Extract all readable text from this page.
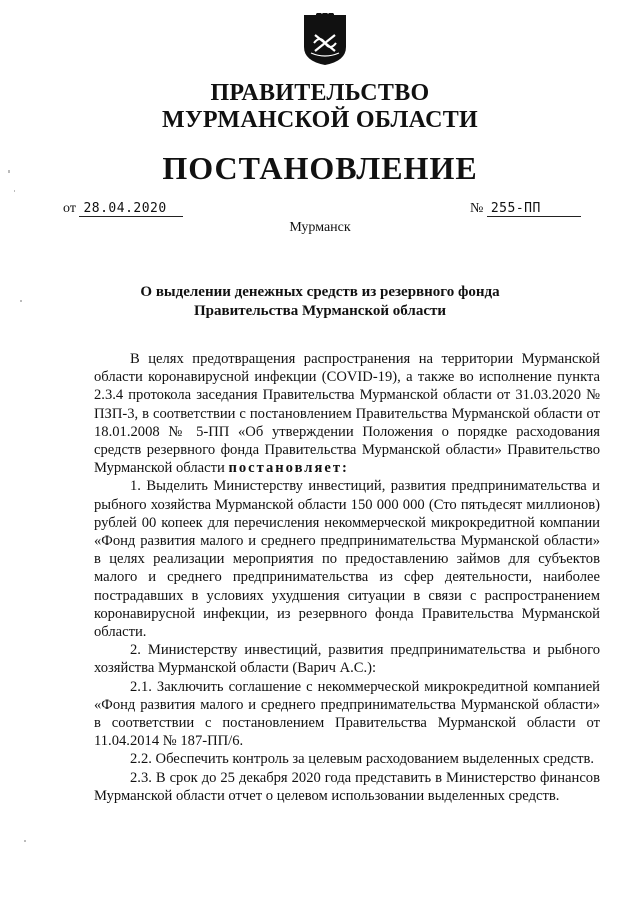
ПРАВИТЕЛЬСТВО
МУРМАНСКОЙ ОБЛАСТИ
ПОСТАНОВЛЕНИЕ
от 28.04.2020	№ 255-ПП
Мурманск
О выделении денежных средств из резервного фонда
Правительства Мурманской области

В целях предотвращения распространения на территории Мурманской области коронавирусной инфекции (COVID-19), а также во исполнение пункта 2.3.4 протокола заседания Правительства Мурманской области от 31.03.2020 № ПЗП-3, в соответствии с постановлением Правительства Мурманской области от 18.01.2008 № 5-ПП «Об утверждении Положения о порядке расходования средств резервного фонда Правительства Мурманской области» Правительство Мурманской области постановляет:

1. Выделить Министерству инвестиций, развития предпринимательства и рыбного хозяйства Мурманской области 150 000 000 (Сто пятьдесят миллионов) рублей 00 копеек для перечисления некоммерческой микрокредитной компании «Фонд развития малого и среднего предпринимательства Мурманской области» в целях реализации мероприятия по предоставлению займов для субъектов малого и среднего предпринимательства из сфер деятельности, наиболее пострадавших в условиях ухудшения ситуации в связи с распространением коронавирусной инфекции, из резервного фонда Правительства Мурманской области.

2. Министерству инвестиций, развития предпринимательства и рыбного хозяйства Мурманской области (Варич А.С.):

2.1. Заключить соглашение с некоммерческой микрокредитной компанией «Фонд развития малого и среднего предпринимательства Мурманской области» в соответствии с постановлением Правительства Мурманской области от 11.04.2014 № 187-ПП/6.

2.2. Обеспечить контроль за целевым расходованием выделенных средств.

2.3. В срок до 25 декабря 2020 года представить в Министерство финансов Мурманской области отчет о целевом использовании выделенных средств.
